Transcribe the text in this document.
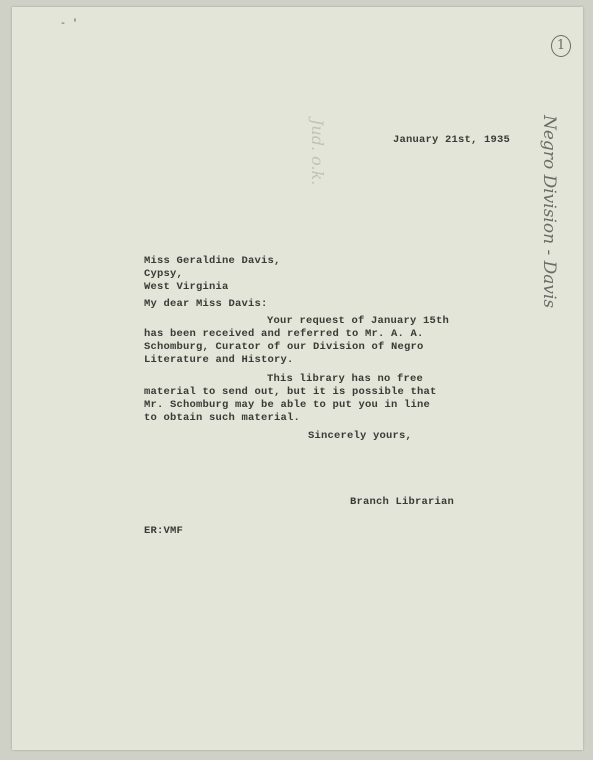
- '
1
Negro Division - Davis
Jud. o.k.	January 21st, 1935
Miss Geraldine Davis,
Cypsy,
West Virginia
My dear Miss Davis:
Your request of January 15th
has been received and referred to Mr. A. A.
Schomburg, Curator of our Division of Negro
Literature and History.
This library has no free
material to send out, but it is possible that
Mr. Schomburg may be able to put you in line
to obtain such material.
Sincerely yours,
Branch Librarian
ER:VMF
